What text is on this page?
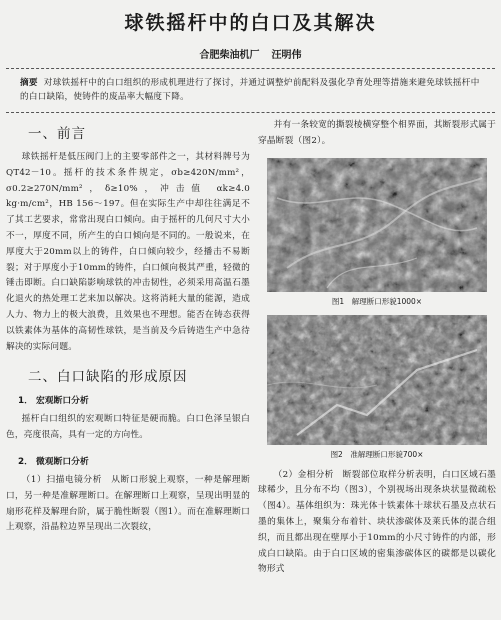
球铁摇杆中的白口及其解决
合肥柴油机厂 汪明伟
摘要 对球铁摇杆中的白口组织的形成机理进行了探讨，并通过调整炉前配料及强化孕育处理等措施来避免球铁摇杆中的白口缺陷，使铸件的废品率大幅度下降。
一、前言

球铁摇杆是低压阀门上的主要零部件之一，其材料牌号为QT42－10。摇杆的技术条件规定，σb≥420N/mm²，σ0.2≥270N/mm²，δ≥10%，冲击值 αk≥4.0 kg·m/cm²，HB 156～197。但在实际生产中却往往满足不了其工艺要求，常常出现白口倾向。由于摇杆的几何尺寸大小不一，厚度不同，所产生的白口倾向是不同的。一般说来，在厚度大于20mm以上的铸件，白口倾向较少，经播击不易断裂；对于厚度小于10mm的铸件，白口倾向极其严重，轻微的锤击即断。白口缺陷影响球铁的冲击韧性，必须采用高温石墨化退火的热处理工艺来加以解决。这将消耗大量的能源，造成人力、物力上的极大浪费，且效果也不理想。能否在铸态获得以铁素体为基体的高韧性球铁，是当前及今后铸造生产中急待解决的实际问题。

二、白口缺陷的形成原因
1． 宏观断口分析

摇杆白口组织的宏观断口特征是硬而脆。白口色泽呈银白色，亮度很高，具有一定的方向性。

2． 微观断口分析

（1）扫描电镜分析　从断口形貌上观察，一种是解理断口，另一种是准解理断口。在解理断口上观察，呈现出明显的扇形花样及解理台阶，属于脆性断裂（图1）。而在准解理断口上观察，沿晶粒边界呈现出二次裂纹，

并有一条较宽的撕裂棱横穿整个相界面，其断裂形式属于穿晶断裂（图2）。

图1　解理断口形貌1000×
图2　准解理断口形貌700×

（2）金相分析　断裂部位取样分析表明，白口区域石墨球稀少，且分布不均（图3），个别视场出现条块状显微疏松（图4）。基体组织为：珠光体十铁素体十球状石墨及点状石墨的集体上，聚集分布着针、块状渗碳体及莱氏体的混合组织，而且都出现在壁厚小于10mm的小尺寸铸件的内部，形成白口缺陷。由于白口区域的密集渗碳体区的碳都是以碳化物形式
